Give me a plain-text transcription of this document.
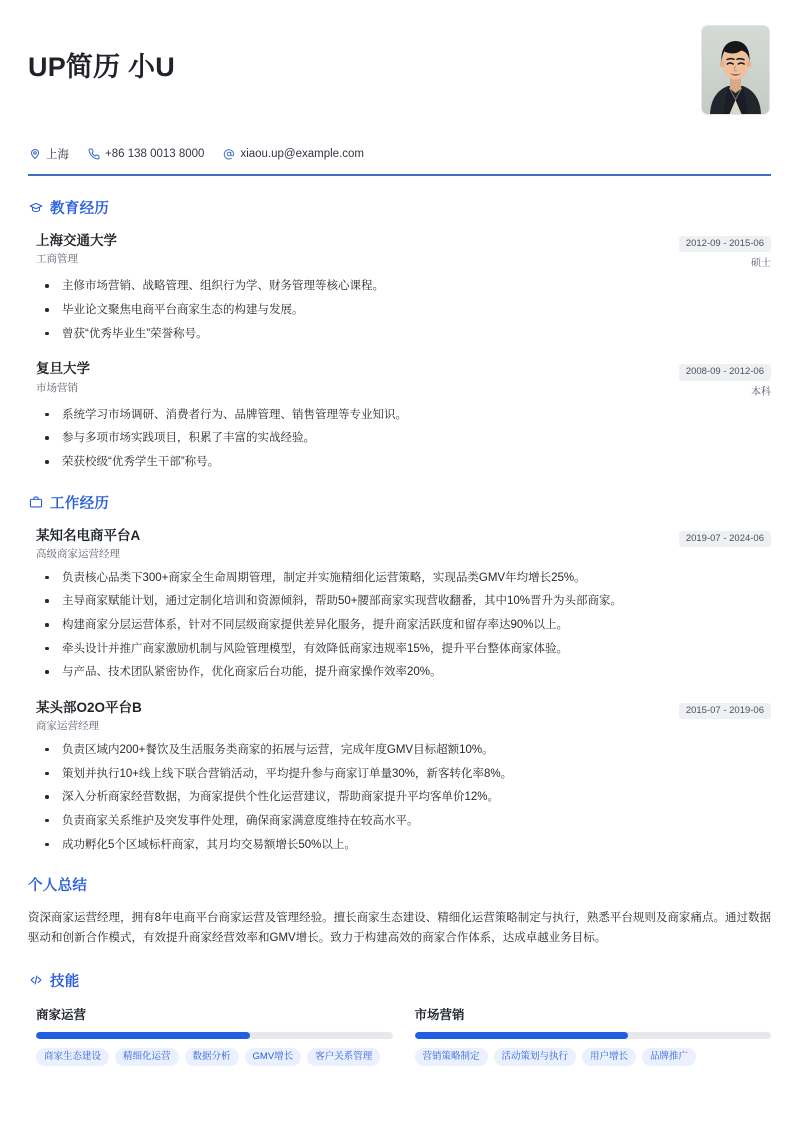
UP简历 小U
上海	+86 138 0013 8000	xiaou.up@example.com
教育经历
上海交通大学
工商管理
2012-09 - 2015-06
硕士
主修市场营销、战略管理、组织行为学、财务管理等核心课程。
毕业论文聚焦电商平台商家生态的构建与发展。
曾获“优秀毕业生”荣誉称号。
复旦大学
市场营销
2008-09 - 2012-06
本科
系统学习市场调研、消费者行为、品牌管理、销售管理等专业知识。
参与多项市场实践项目，积累了丰富的实战经验。
荣获校级“优秀学生干部”称号。
工作经历
某知名电商平台A
高级商家运营经理
2019-07 - 2024-06
负责核心品类下300+商家全生命周期管理，制定并实施精细化运营策略，实现品类GMV年均增长25%。
主导商家赋能计划，通过定制化培训和资源倾斜，帮助50+腰部商家实现营收翻番，其中10%晋升为头部商家。
构建商家分层运营体系，针对不同层级商家提供差异化服务，提升商家活跃度和留存率达90%以上。
牵头设计并推广商家激励机制与风险管理模型，有效降低商家违规率15%，提升平台整体商家体验。
与产品、技术团队紧密协作，优化商家后台功能，提升商家操作效率20%。
某头部O2O平台B
商家运营经理
2015-07 - 2019-06
负责区域内200+餐饮及生活服务类商家的拓展与运营，完成年度GMV目标超额10%。
策划并执行10+线上线下联合营销活动，平均提升参与商家订单量30%，新客转化率8%。
深入分析商家经营数据，为商家提供个性化运营建议，帮助商家提升平均客单价12%。
负责商家关系维护及突发事件处理，确保商家满意度维持在较高水平。
成功孵化5个区域标杆商家，其月均交易额增长50%以上。
个人总结
资深商家运营经理，拥有8年电商平台商家运营及管理经验。擅长商家生态建设、精细化运营策略制定与执行，熟悉平台规则及商家痛点。通过数据驱动和创新合作模式，有效提升商家经营效率和GMV增长。致力于构建高效的商家合作体系，达成卓越业务目标。
技能
商家运营
商家生态建设	精细化运营	数据分析	GMV增长	客户关系管理
市场营销
营销策略制定	活动策划与执行	用户增长	品牌推广
